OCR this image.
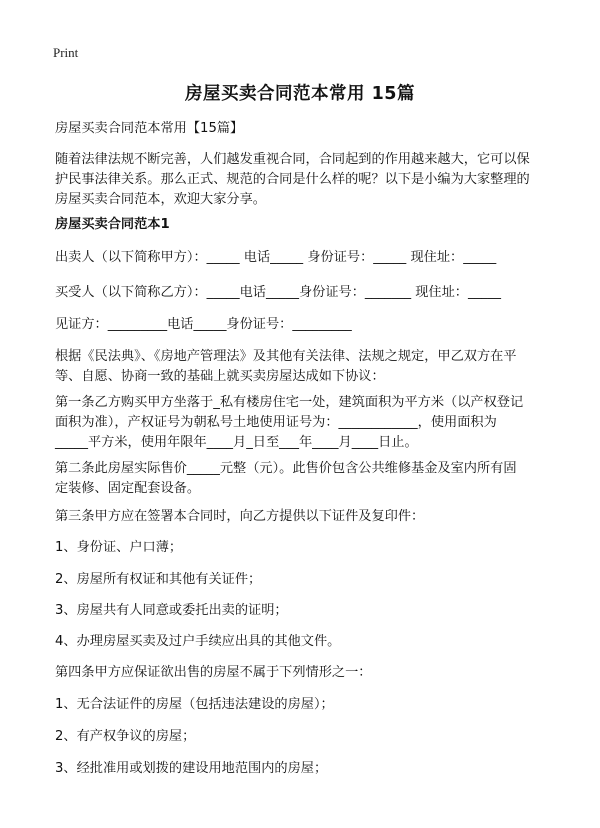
Print
房屋买卖合同范本常用 15篇
房屋买卖合同范本常用【15篇】
随着法律法规不断完善，人们越发重视合同，合同起到的作用越来越大，它可以保
护民事法律关系。那么正式、规范的合同是什么样的呢？以下是小编为大家整理的
房屋买卖合同范本，欢迎大家分享。
房屋买卖合同范本1
出卖人（以下简称甲方）：_____ 电话_____ 身份证号：_____ 现住址：_____
买受人（以下简称乙方）：_____电话_____身份证号：_______ 现住址：_____
见证方：_________电话_____身份证号：_________
根据《民法典》、《房地产管理法》及其他有关法律、法规之规定，甲乙双方在平
等、自愿、协商一致的基础上就买卖房屋达成如下协议：
第一条乙方购买甲方坐落于_私有楼房住宅一处，建筑面积为平方米（以产权登记
面积为准），产权证号为朝私号土地使用证号为：____________，使用面积为
_____平方米，使用年限年____月_日至___年____月____日止。
第二条此房屋实际售价_____元整（元）。此售价包含公共维修基金及室内所有固
定装修、固定配套设备。
第三条甲方应在签署本合同时，向乙方提供以下证件及复印件：
1、身份证、户口薄；
2、房屋所有权证和其他有关证件；
3、房屋共有人同意或委托出卖的证明；
4、办理房屋买卖及过户手续应出具的其他文件。
第四条甲方应保证欲出售的房屋不属于下列情形之一：
1、无合法证件的房屋（包括违法建设的房屋）；
2、有产权争议的房屋；
3、经批准用或划拨的建设用地范围内的房屋；
